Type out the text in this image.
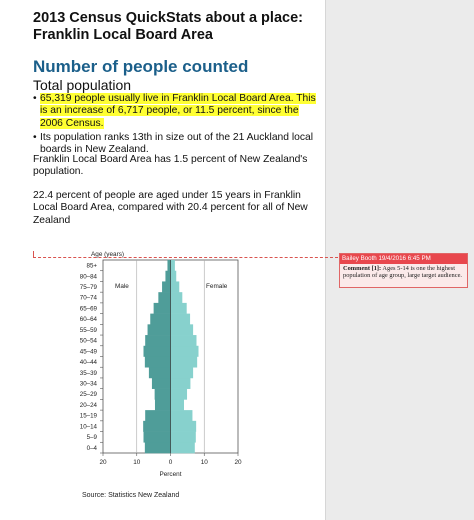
2013 Census QuickStats about a place: Franklin Local Board Area
Number of people counted
Total population
• 65,319 people usually live in Franklin Local Board Area. This is an increase of 6,717 people, or 11.5 percent, since the 2006 Census.
• Its population ranks 13th in size out of the 21 Auckland local boards in New Zealand.

Franklin Local Board Area has 1.5 percent of New Zealand's population.

22.4 percent of people are aged under 15 years in Franklin Local Board Area, compared with 20.4 percent for all of New Zealand

0–4
5–9
10–14
15–19
20–24
25–29
30–34
35–39
40–44
45–49
50–54
55–59
60–64
65–69
70–74
75–79
80–84
85+
Age (years)
Male	Female
20	10	0	10	20
Percent
Source: Statistics New Zealand
Bailey Booth 19/4/2016 6:45 PM
Comment [1]: Ages 5-14 is one the highest population of age group, large target audience.
